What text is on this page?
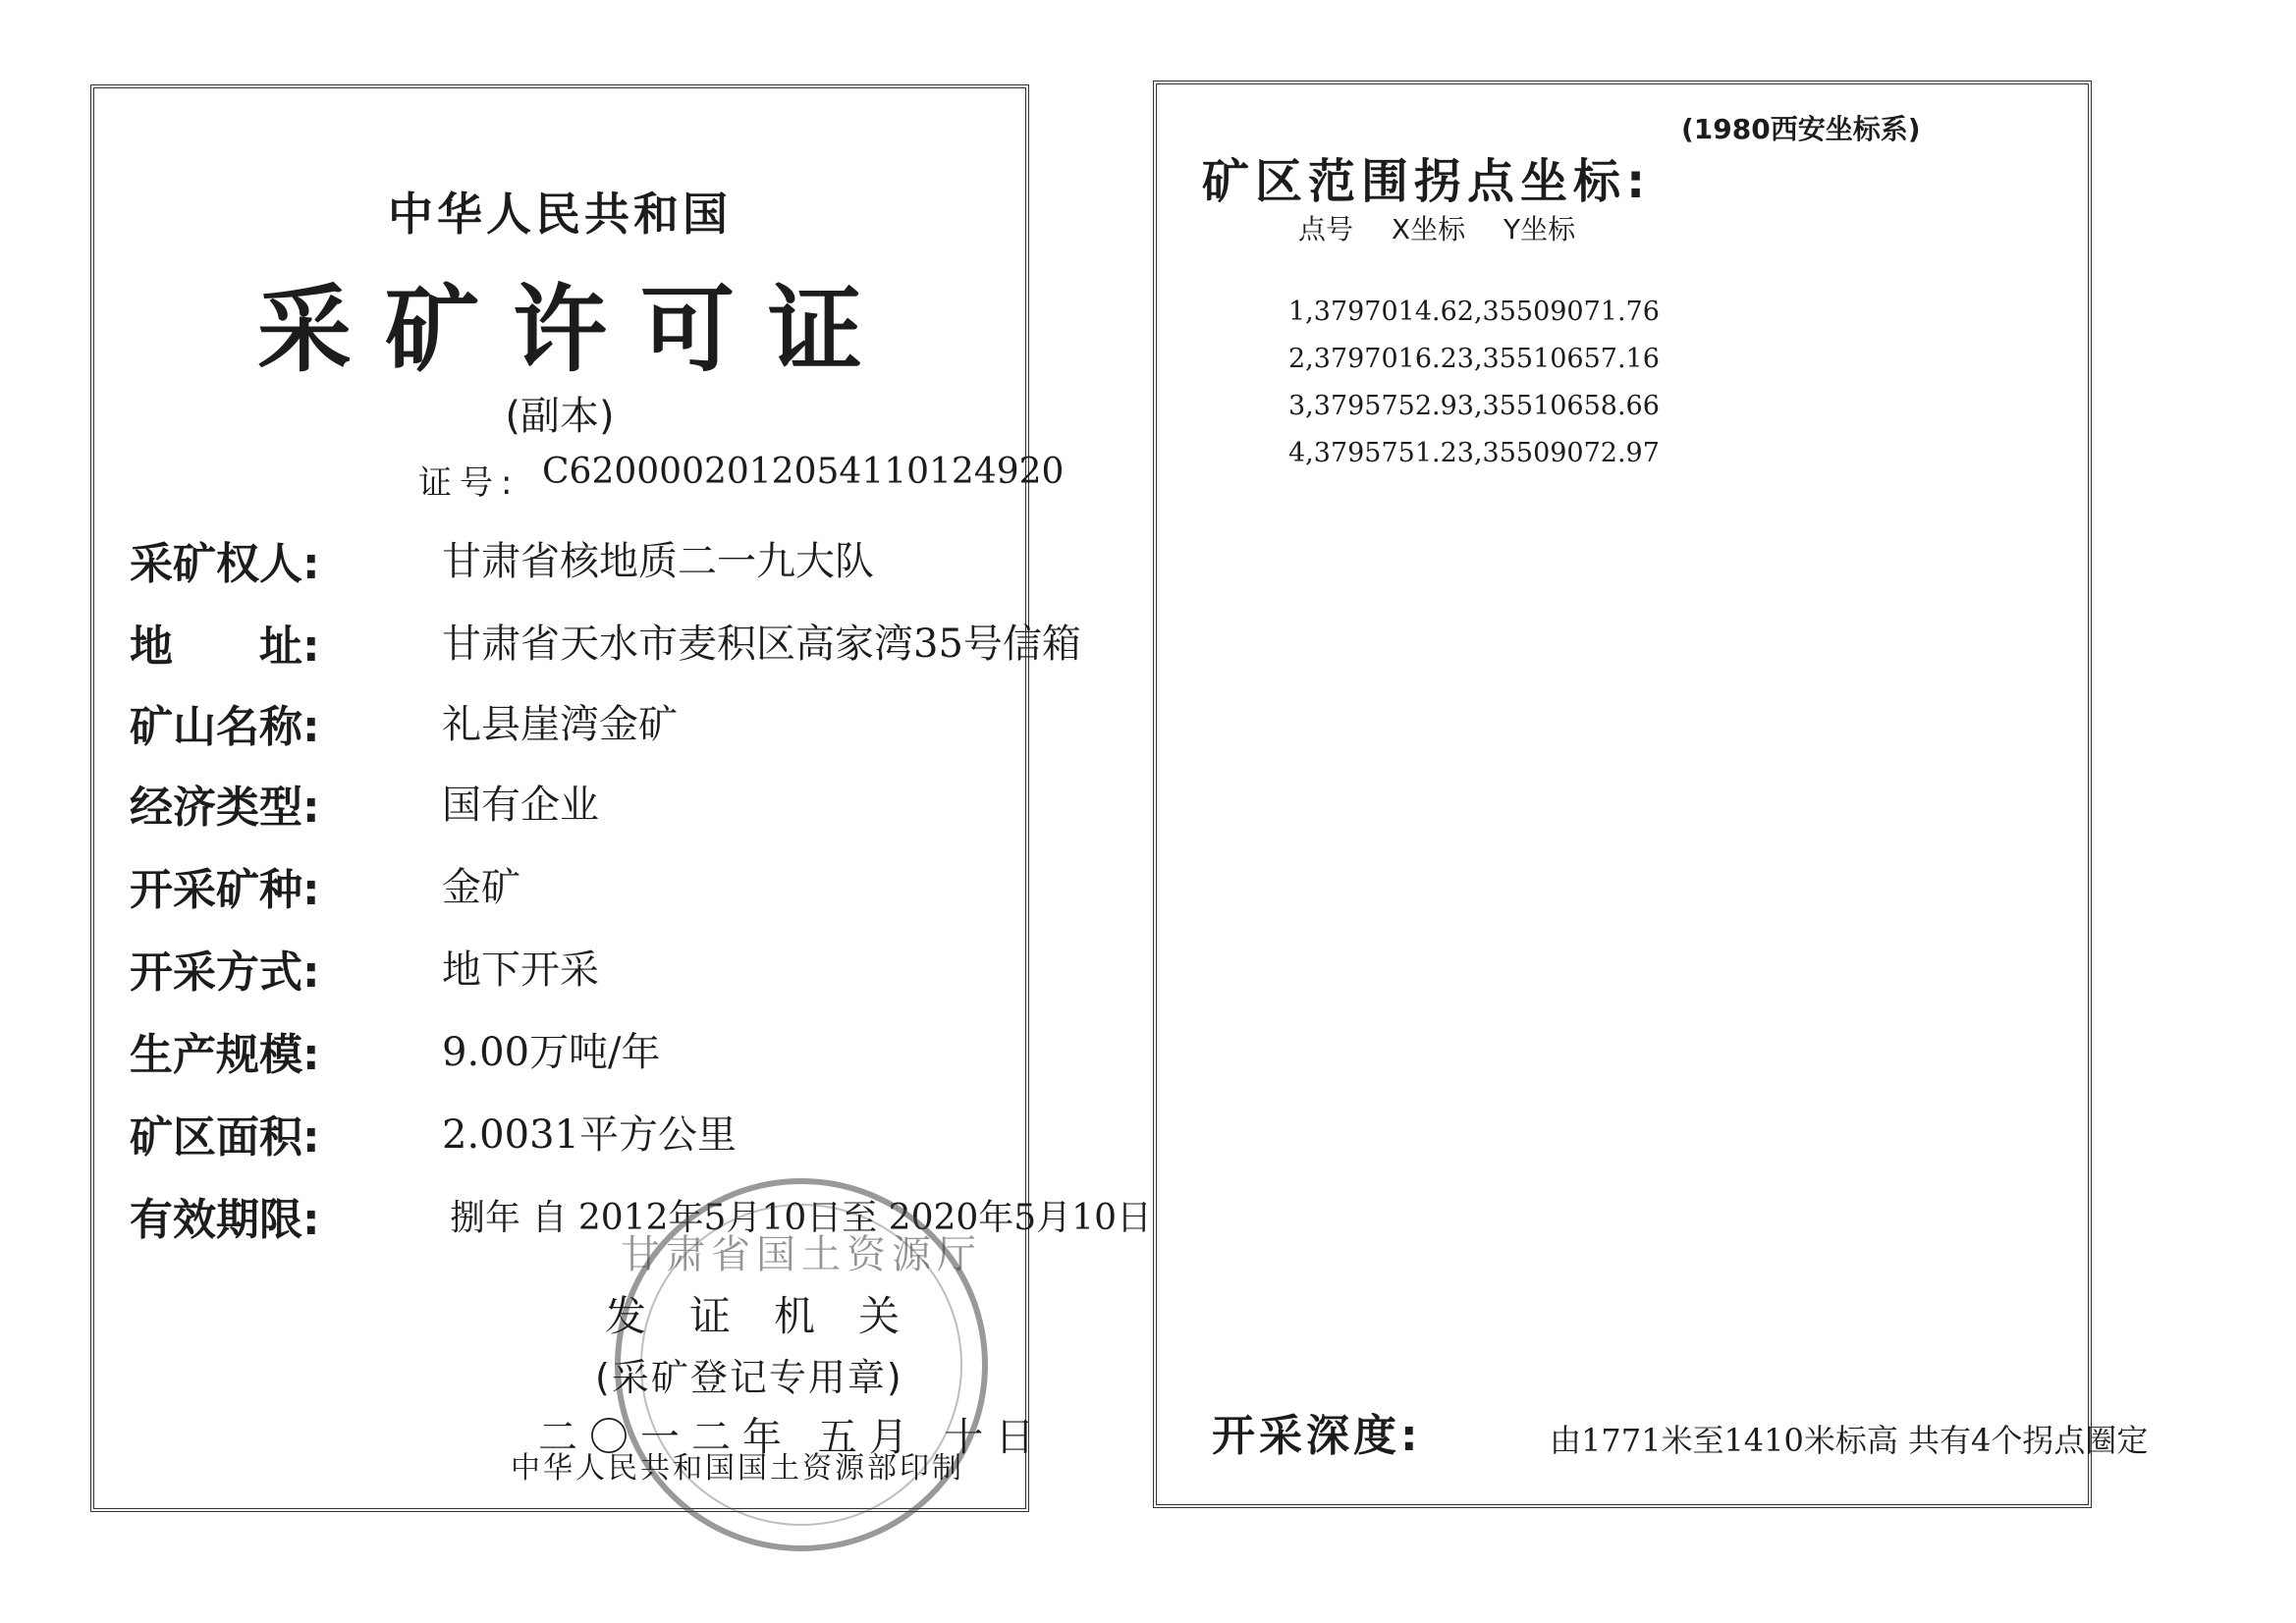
中华人民共和国
采矿许可证
(副本)
证号: C6200002012054110124920
采矿权人:	甘肃省核地质二一九大队
地　　址:	甘肃省天水市麦积区高家湾35号信箱
矿山名称:	礼县崖湾金矿
经济类型:	国有企业
开采矿种:	金矿
开采方式:	地下开采
生产规模:	9.00万吨/年
矿区面积:	2.0031平方公里
有效期限:	捌年 自 2012年5月10日至 2020年5月10日
甘肃省国土资源厅
发证机关
(采矿登记专用章)
二〇一二年 五月 十日
中华人民共和国国土资源部印制
(1980西安坐标系)
矿区范围拐点坐标:
点号 X坐标 Y坐标
1,3797014.62,35509071.76
2,3797016.23,35510657.16
3,3795752.93,35510658.66
4,3795751.23,35509072.97
开采深度:	由1771米至1410米标高 共有4个拐点圈定
